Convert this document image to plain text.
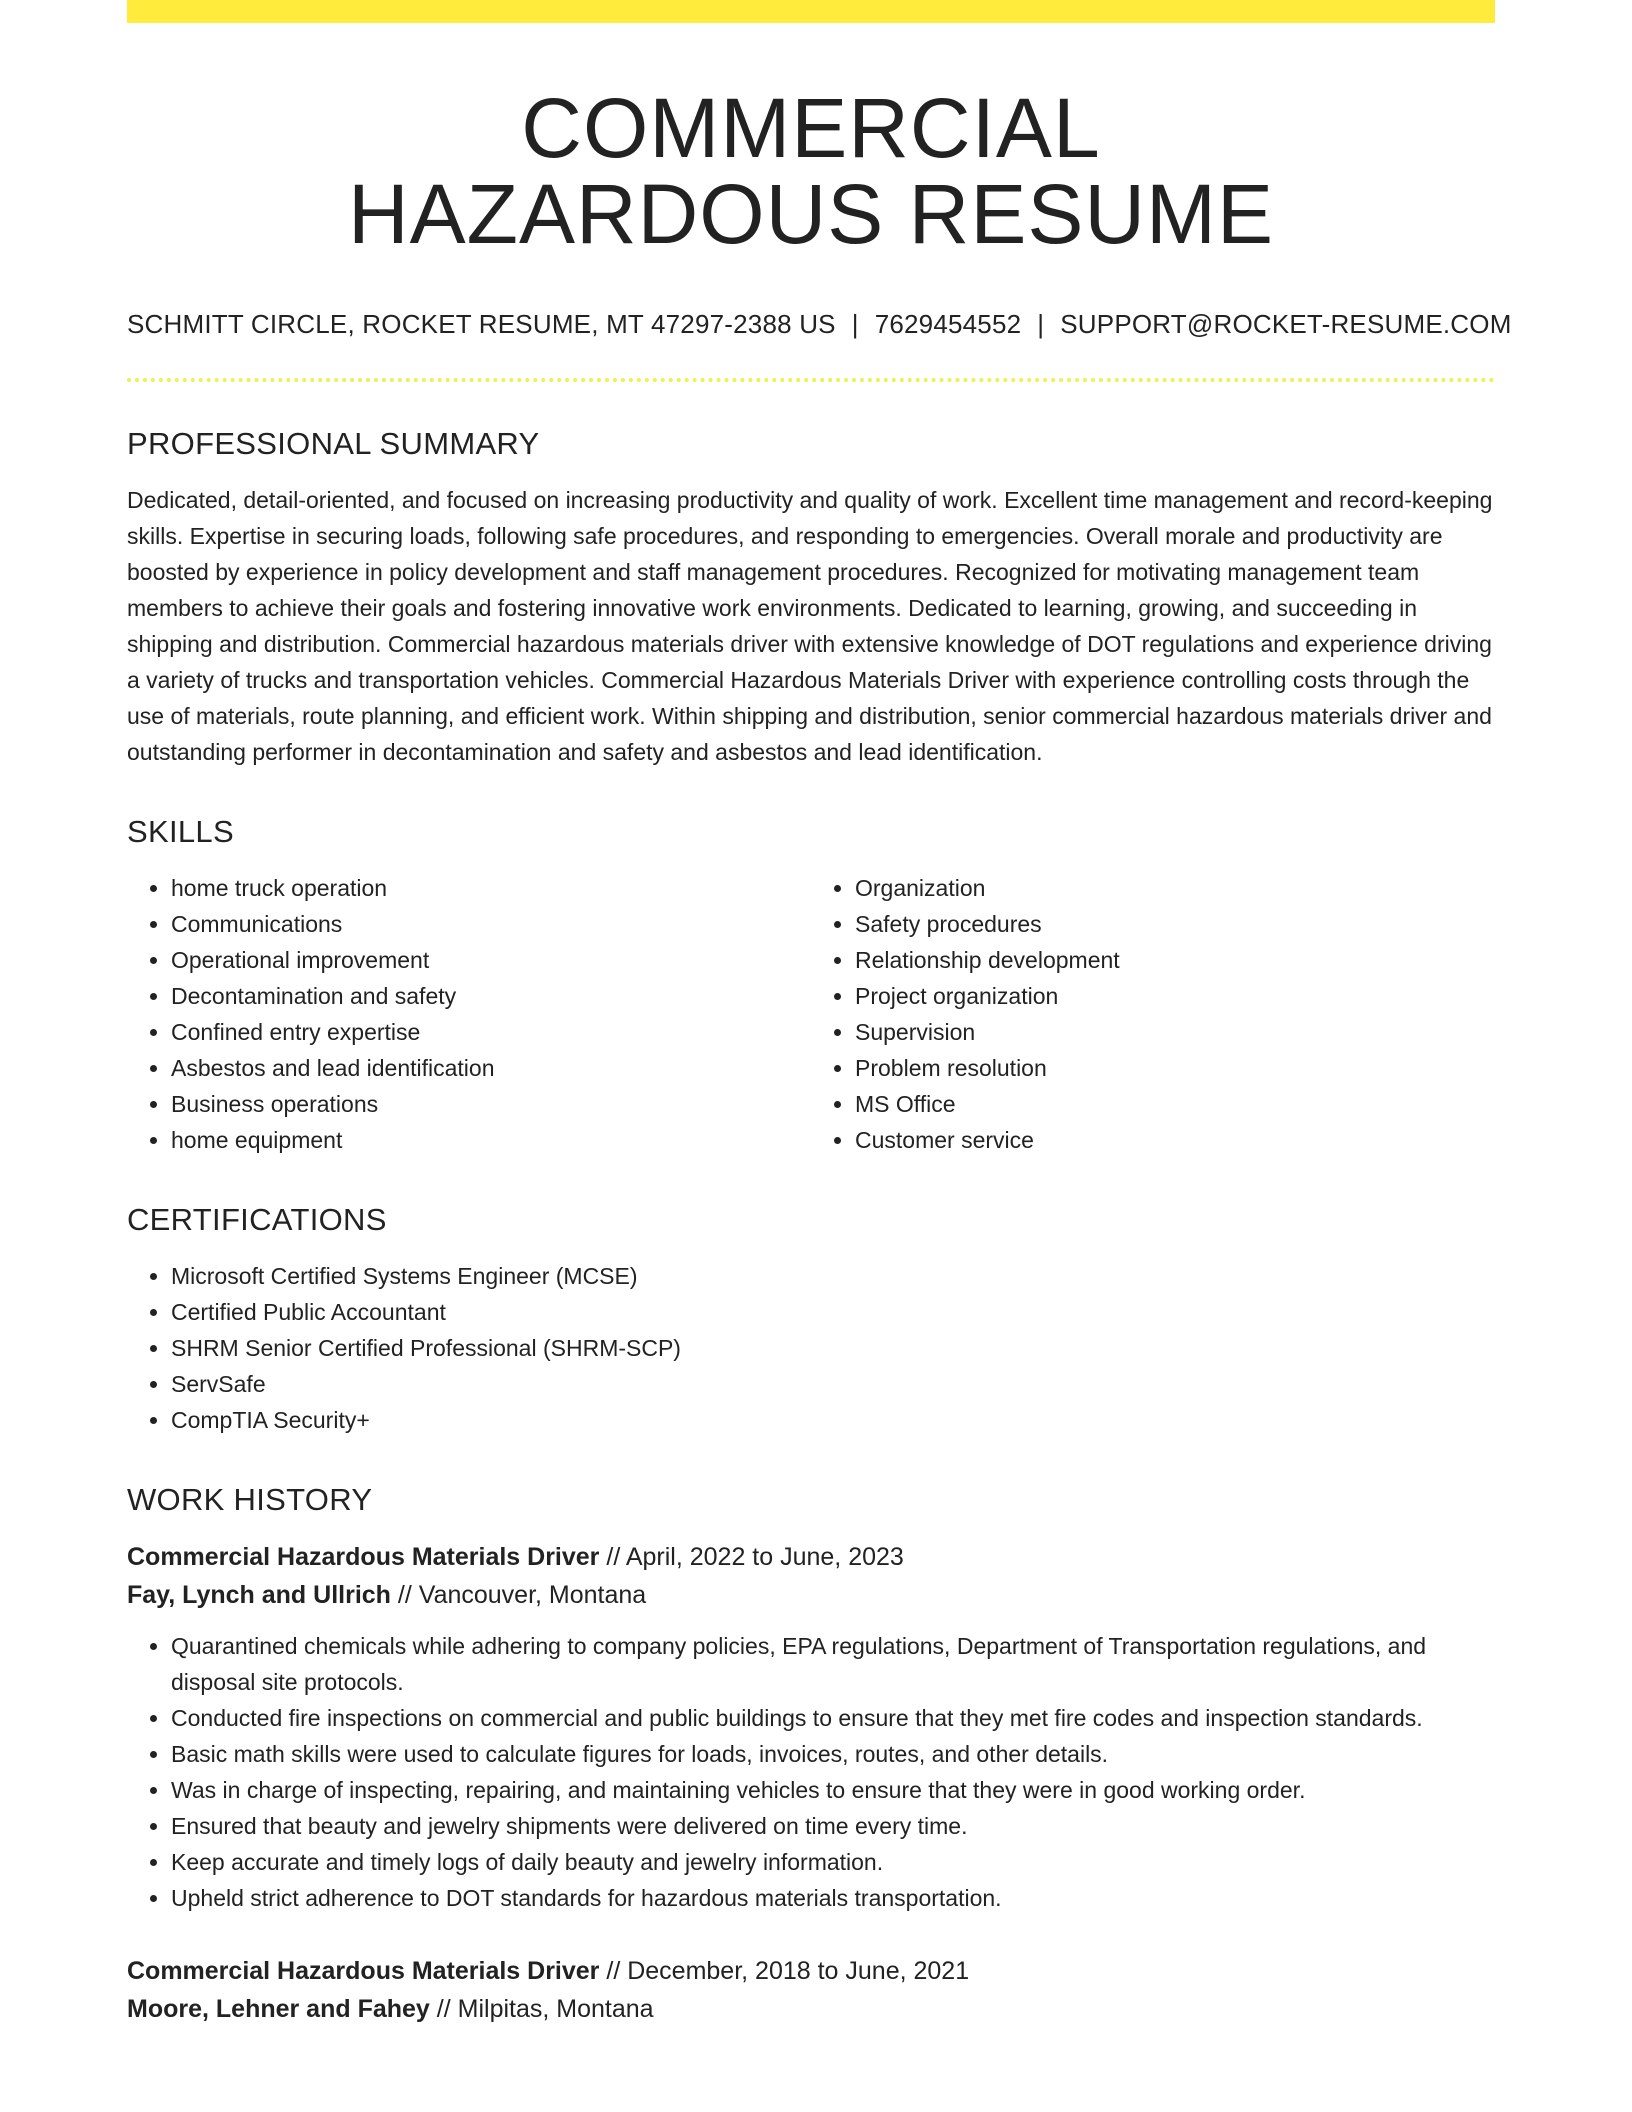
COMMERCIAL
HAZARDOUS RESUME
SCHMITT CIRCLE, ROCKET RESUME, MT 47297-2388 US | 7629454552 | SUPPORT@ROCKET-RESUME.COM
PROFESSIONAL SUMMARY

Dedicated, detail-oriented, and focused on increasing productivity and quality of work. Excellent time management and record-keeping skills. Expertise in securing loads, following safe procedures, and responding to emergencies. Overall morale and productivity are boosted by experience in policy development and staff management procedures. Recognized for motivating management team members to achieve their goals and fostering innovative work environments. Dedicated to learning, growing, and succeeding in shipping and distribution. Commercial hazardous materials driver with extensive knowledge of DOT regulations and experience driving a variety of trucks and transportation vehicles. Commercial Hazardous Materials Driver with experience controlling costs through the use of materials, route planning, and efficient work. Within shipping and distribution, senior commercial hazardous materials driver and outstanding performer in decontamination and safety and asbestos and lead identification.

SKILLS
• home truck operation
• Communications
• Operational improvement
• Decontamination and safety
• Confined entry expertise
• Asbestos and lead identification
• Business operations
• home equipment
• Organization
• Safety procedures
• Relationship development
• Project organization
• Supervision
• Problem resolution
• MS Office
• Customer service
CERTIFICATIONS
• Microsoft Certified Systems Engineer (MCSE)
• Certified Public Accountant
• SHRM Senior Certified Professional (SHRM-SCP)
• ServSafe
• CompTIA Security+
WORK HISTORY

Commercial Hazardous Materials Driver // April, 2022 to June, 2023

Fay, Lynch and Ullrich // Vancouver, Montana

• Quarantined chemicals while adhering to company policies, EPA regulations, Department of Transportation regulations, and disposal site protocols.
• Conducted fire inspections on commercial and public buildings to ensure that they met fire codes and inspection standards.
• Basic math skills were used to calculate figures for loads, invoices, routes, and other details.
• Was in charge of inspecting, repairing, and maintaining vehicles to ensure that they were in good working order.
• Ensured that beauty and jewelry shipments were delivered on time every time.
• Keep accurate and timely logs of daily beauty and jewelry information.
• Upheld strict adherence to DOT standards for hazardous materials transportation.

Commercial Hazardous Materials Driver // December, 2018 to June, 2021

Moore, Lehner and Fahey // Milpitas, Montana
